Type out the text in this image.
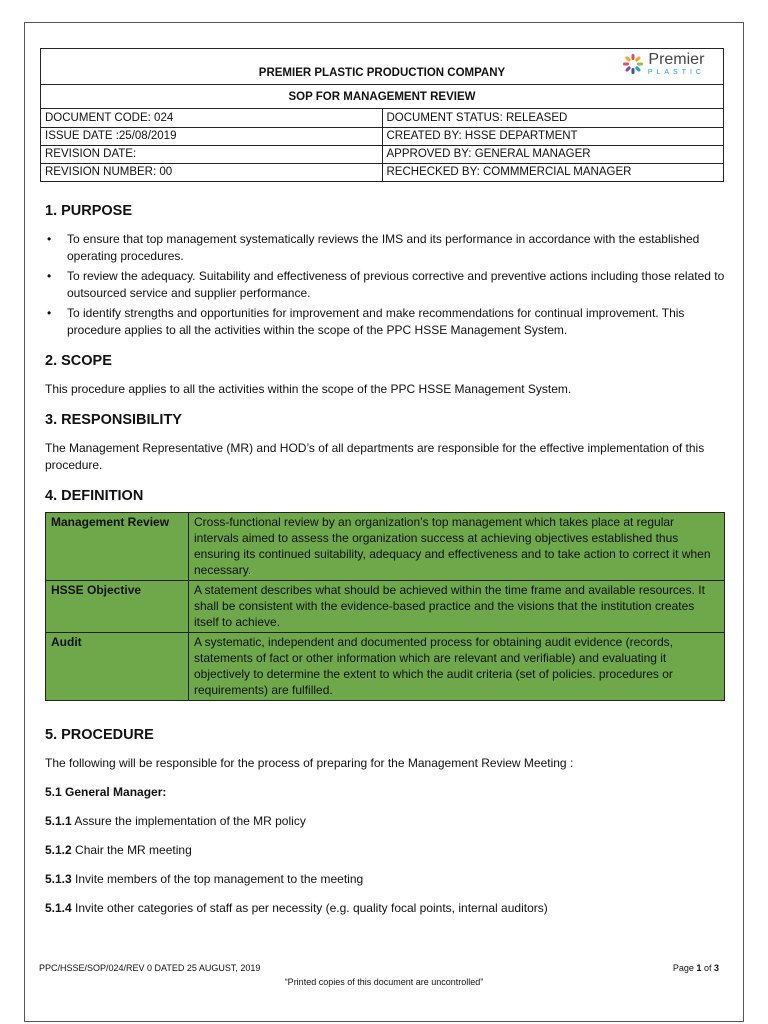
PREMIER PLASTIC PRODUCTION COMPANY
Premier
PLASTIC
SOP FOR MANAGEMENT REVIEW
DOCUMENT CODE: 024	DOCUMENT STATUS: RELEASED
ISSUE DATE :25/08/2019	CREATED BY: HSSE DEPARTMENT
REVISION DATE:	APPROVED BY: GENERAL MANAGER
REVISION NUMBER: 00	RECHECKED BY: COMMMERCIAL MANAGER
1. PURPOSE
• To ensure that top management systematically reviews the IMS and its performance in accordance with the established operating procedures.
• To review the adequacy. Suitability and effectiveness of previous corrective and preventive actions including those related to outsourced service and supplier performance.
• To identify strengths and opportunities for improvement and make recommendations for continual improvement. This procedure applies to all the activities within the scope of the PPC HSSE Management System.
2. SCOPE

This procedure applies to all the activities within the scope of the PPC HSSE Management System.

3. RESPONSIBILITY

The Management Representative (MR) and HOD’s of all departments are responsible for the effective implementation of this procedure.

4. DEFINITION
Management Review	Cross-functional review by an organization’s top management which takes place at regular intervals aimed to assess the organization success at achieving objectives established thus ensuring its continued suitability, adequacy and effectiveness and to take action to correct it when necessary.
HSSE Objective	A statement describes what should be achieved within the time frame and available resources. It shall be consistent with the evidence-based practice and the visions that the institution creates itself to achieve.
Audit	A systematic, independent and documented process for obtaining audit evidence (records, statements of fact or other information which are relevant and verifiable) and evaluating it objectively to determine the extent to which the audit criteria (set of policies. procedures or requirements) are fulfilled.
5. PROCEDURE

The following will be responsible for the process of preparing for the Management Review Meeting :

5.1 General Manager:

5.1.1 Assure the implementation of the MR policy

5.1.2 Chair the MR meeting

5.1.3 Invite members of the top management to the meeting

5.1.4 Invite other categories of staff as per necessity (e.g. quality focal points, internal auditors)

PPC/HSSE/SOP/024/REV 0 DATED 25 AUGUST, 2019	Page 1 of 3
“Printed copies of this document are uncontrolled”
